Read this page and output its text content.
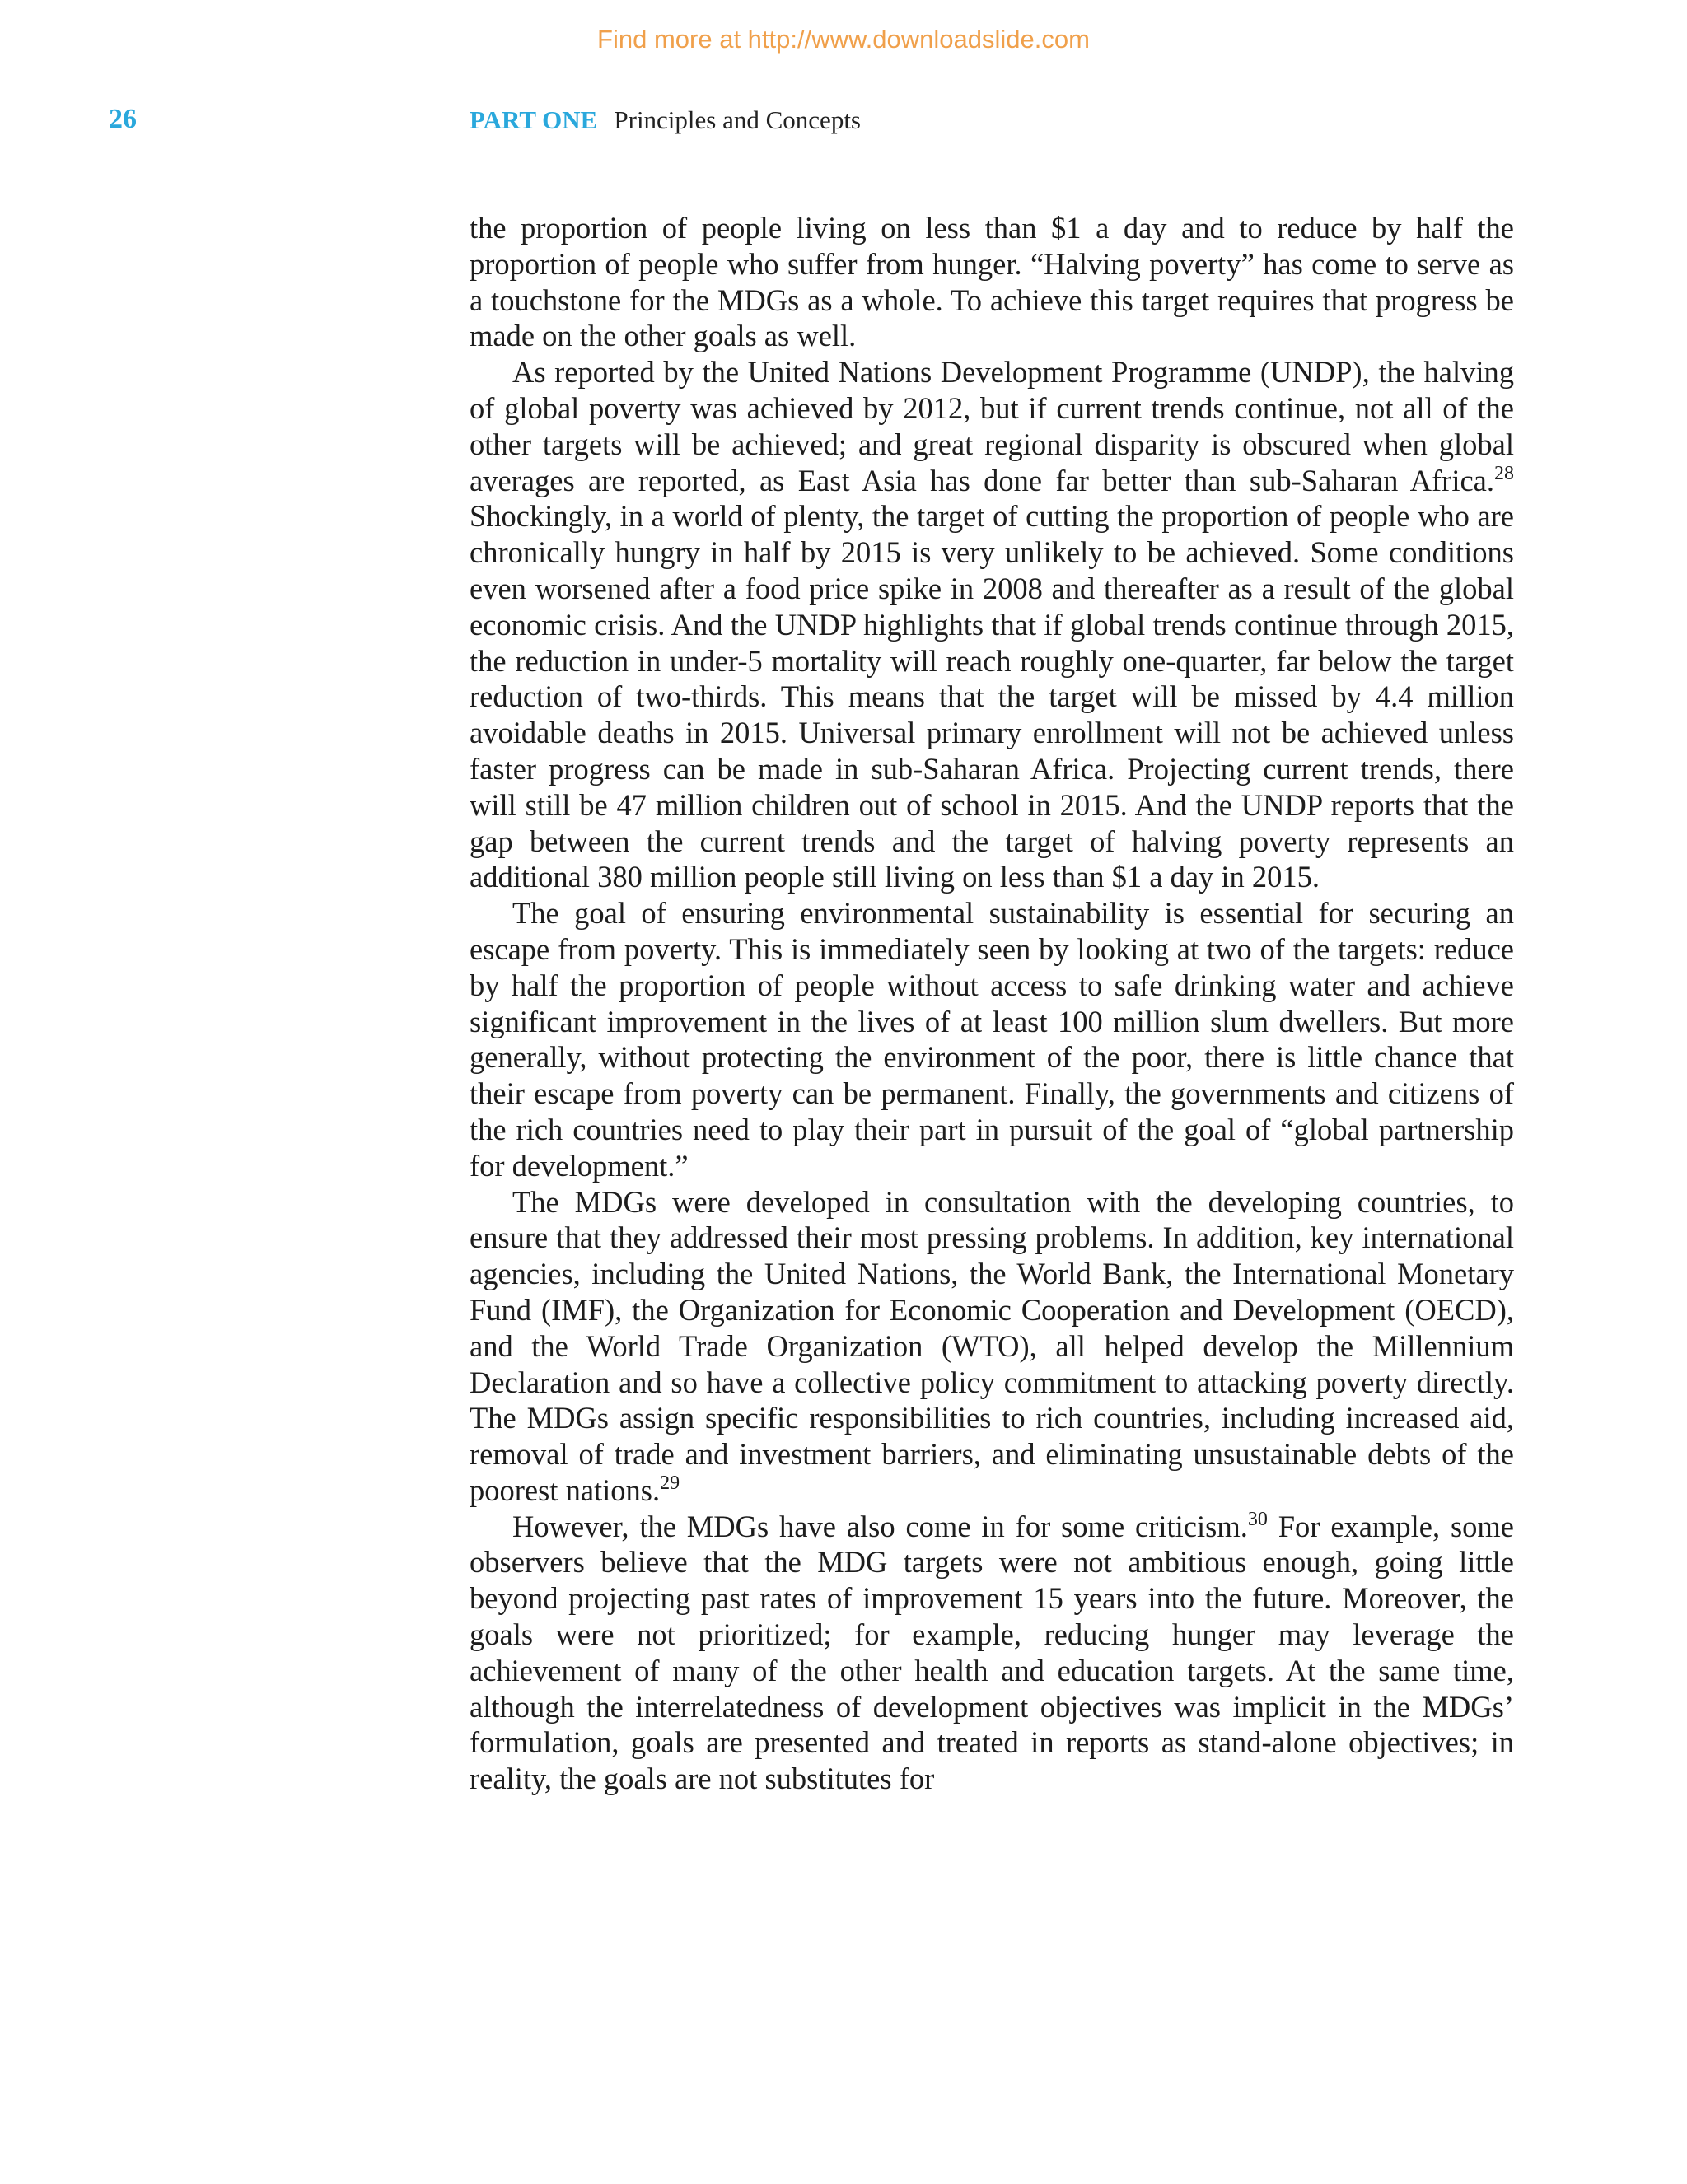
Find more at http://www.downloadslide.com
26	PART ONE Principles and Concepts

the proportion of people living on less than $1 a day and to reduce by half the proportion of people who suffer from hunger. “Halving poverty” has come to serve as a touchstone for the MDGs as a whole. To achieve this target requires that progress be made on the other goals as well.

As reported by the United Nations Development Programme (UNDP), the halving of global poverty was achieved by 2012, but if current trends continue, not all of the other targets will be achieved; and great regional disparity is obscured when global averages are reported, as East Asia has done far better than sub-Saharan Africa.$^{28}$ Shockingly, in a world of plenty, the target of cutting the proportion of people who are chronically hungry in half by 2015 is very unlikely to be achieved. Some conditions even worsened after a food price spike in 2008 and thereafter as a result of the global economic crisis. And the UNDP highlights that if global trends continue through 2015, the reduction in under-5 mortality will reach roughly one-quarter, far below the target reduction of two-thirds. This means that the target will be missed by 4.4 million avoidable deaths in 2015. Universal primary enrollment will not be achieved unless faster progress can be made in sub-Saharan Africa. Projecting current trends, there will still be 47 million children out of school in 2015. And the UNDP reports that the gap between the current trends and the target of halving poverty represents an additional 380 million people still living on less than $1 a day in 2015.

The goal of ensuring environmental sustainability is essential for securing an escape from poverty. This is immediately seen by looking at two of the targets: reduce by half the proportion of people without access to safe drinking water and achieve significant improvement in the lives of at least 100 million slum dwellers. But more generally, without protecting the environment of the poor, there is little chance that their escape from poverty can be permanent. Finally, the governments and citizens of the rich countries need to play their part in pursuit of the goal of “global partnership for development.”

The MDGs were developed in consultation with the developing countries, to ensure that they addressed their most pressing problems. In addition, key international agencies, including the United Nations, the World Bank, the International Monetary Fund (IMF), the Organization for Economic Cooperation and Development (OECD), and the World Trade Organization (WTO), all helped develop the Millennium Declaration and so have a collective policy commitment to attacking poverty directly. The MDGs assign specific responsibilities to rich countries, including increased aid, removal of trade and investment barriers, and eliminating unsustainable debts of the poorest nations.$^{29}$

However, the MDGs have also come in for some criticism.$^{30}$ For example, some observers believe that the MDG targets were not ambitious enough, going little beyond projecting past rates of improvement 15 years into the future. Moreover, the goals were not prioritized; for example, reducing hunger may leverage the achievement of many of the other health and education targets. At the same time, although the interrelatedness of development objectives was implicit in the MDGs’ formulation, goals are presented and treated in reports as stand-alone objectives; in reality, the goals are not substitutes for
